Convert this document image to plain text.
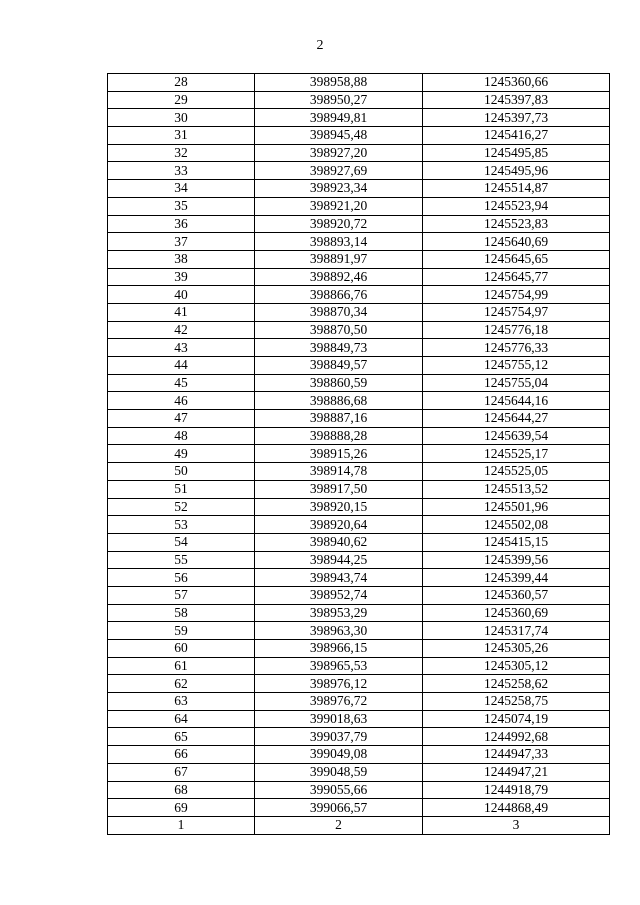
2
28	398958,88	1245360,66
29	398950,27	1245397,83
30	398949,81	1245397,73
31	398945,48	1245416,27
32	398927,20	1245495,85
33	398927,69	1245495,96
34	398923,34	1245514,87
35	398921,20	1245523,94
36	398920,72	1245523,83
37	398893,14	1245640,69
38	398891,97	1245645,65
39	398892,46	1245645,77
40	398866,76	1245754,99
41	398870,34	1245754,97
42	398870,50	1245776,18
43	398849,73	1245776,33
44	398849,57	1245755,12
45	398860,59	1245755,04
46	398886,68	1245644,16
47	398887,16	1245644,27
48	398888,28	1245639,54
49	398915,26	1245525,17
50	398914,78	1245525,05
51	398917,50	1245513,52
52	398920,15	1245501,96
53	398920,64	1245502,08
54	398940,62	1245415,15
55	398944,25	1245399,56
56	398943,74	1245399,44
57	398952,74	1245360,57
58	398953,29	1245360,69
59	398963,30	1245317,74
60	398966,15	1245305,26
61	398965,53	1245305,12
62	398976,12	1245258,62
63	398976,72	1245258,75
64	399018,63	1245074,19
65	399037,79	1244992,68
66	399049,08	1244947,33
67	399048,59	1244947,21
68	399055,66	1244918,79
69	399066,57	1244868,49
1	2	3
